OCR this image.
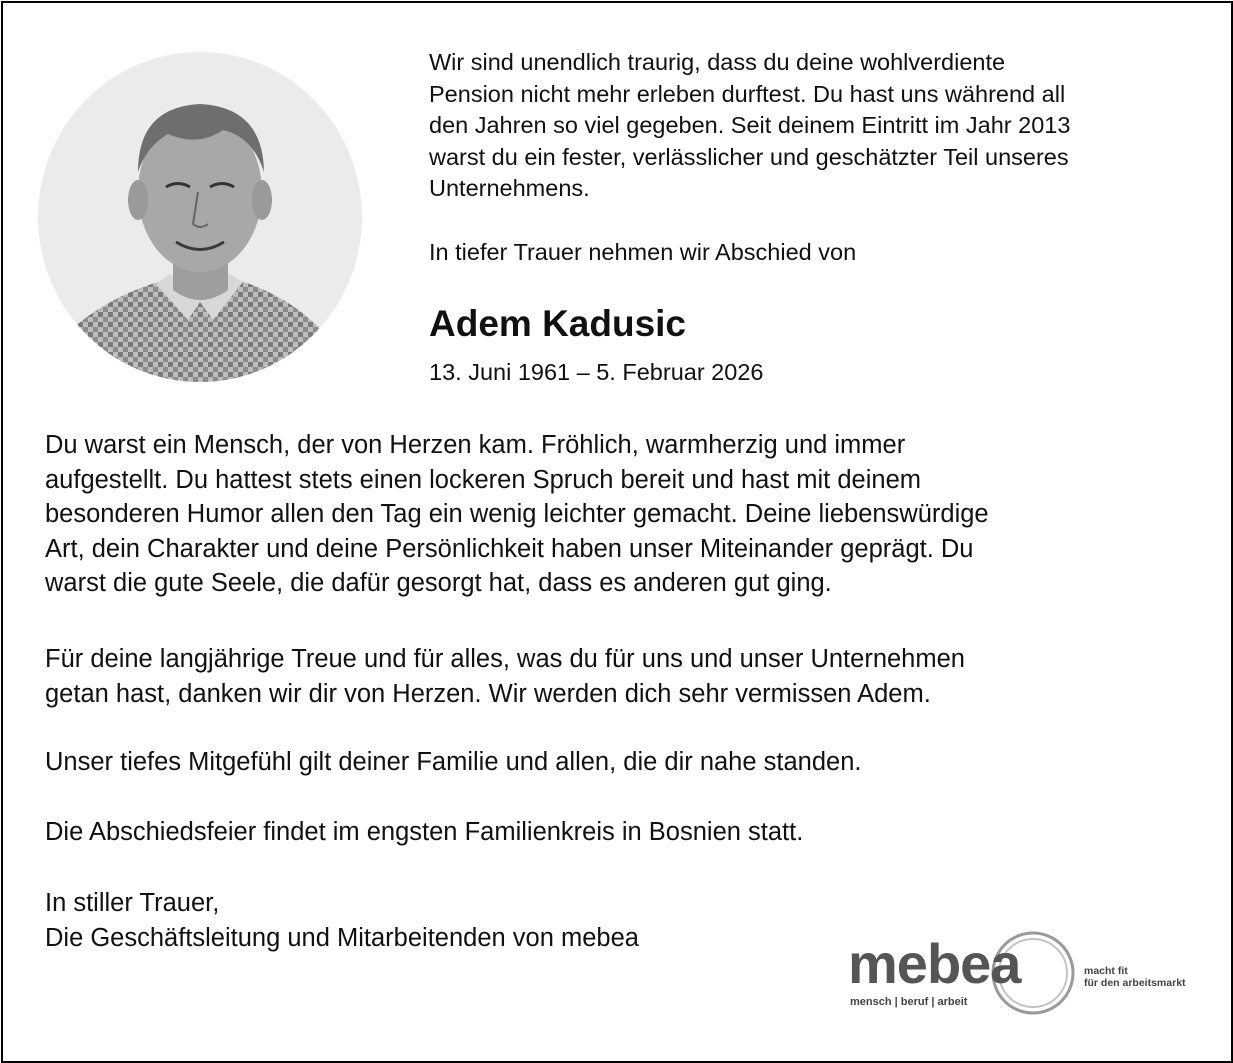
Wir sind unendlich traurig, dass du deine wohlverdiente
Pension nicht mehr erleben durftest. Du hast uns während all
den Jahren so viel gegeben. Seit deinem Eintritt im Jahr 2013
warst du ein fester, verlässlicher und geschätzter Teil unseres
Unternehmens.

In tiefer Trauer nehmen wir Abschied von

Adem Kadusic

13. Juni 1961 – 5. Februar 2026

Du warst ein Mensch, der von Herzen kam. Fröhlich, warmherzig und immer
aufgestellt. Du hattest stets einen lockeren Spruch bereit und hast mit deinem
besonderen Humor allen den Tag ein wenig leichter gemacht. Deine liebenswürdige
Art, dein Charakter und deine Persönlichkeit haben unser Miteinander geprägt. Du
warst die gute Seele, die dafür gesorgt hat, dass es anderen gut ging.

Für deine langjährige Treue und für alles, was du für uns und unser Unternehmen
getan hast, danken wir dir von Herzen. Wir werden dich sehr vermissen Adem.

Unser tiefes Mitgefühl gilt deiner Familie und allen, die dir nahe standen.

Die Abschiedsfeier findet im engsten Familienkreis in Bosnien statt.

In stiller Trauer,
Die Geschäftsleitung und Mitarbeitenden von mebea	mebea
mensch | beruf | arbeit
macht fit
für den arbeitsmarkt
